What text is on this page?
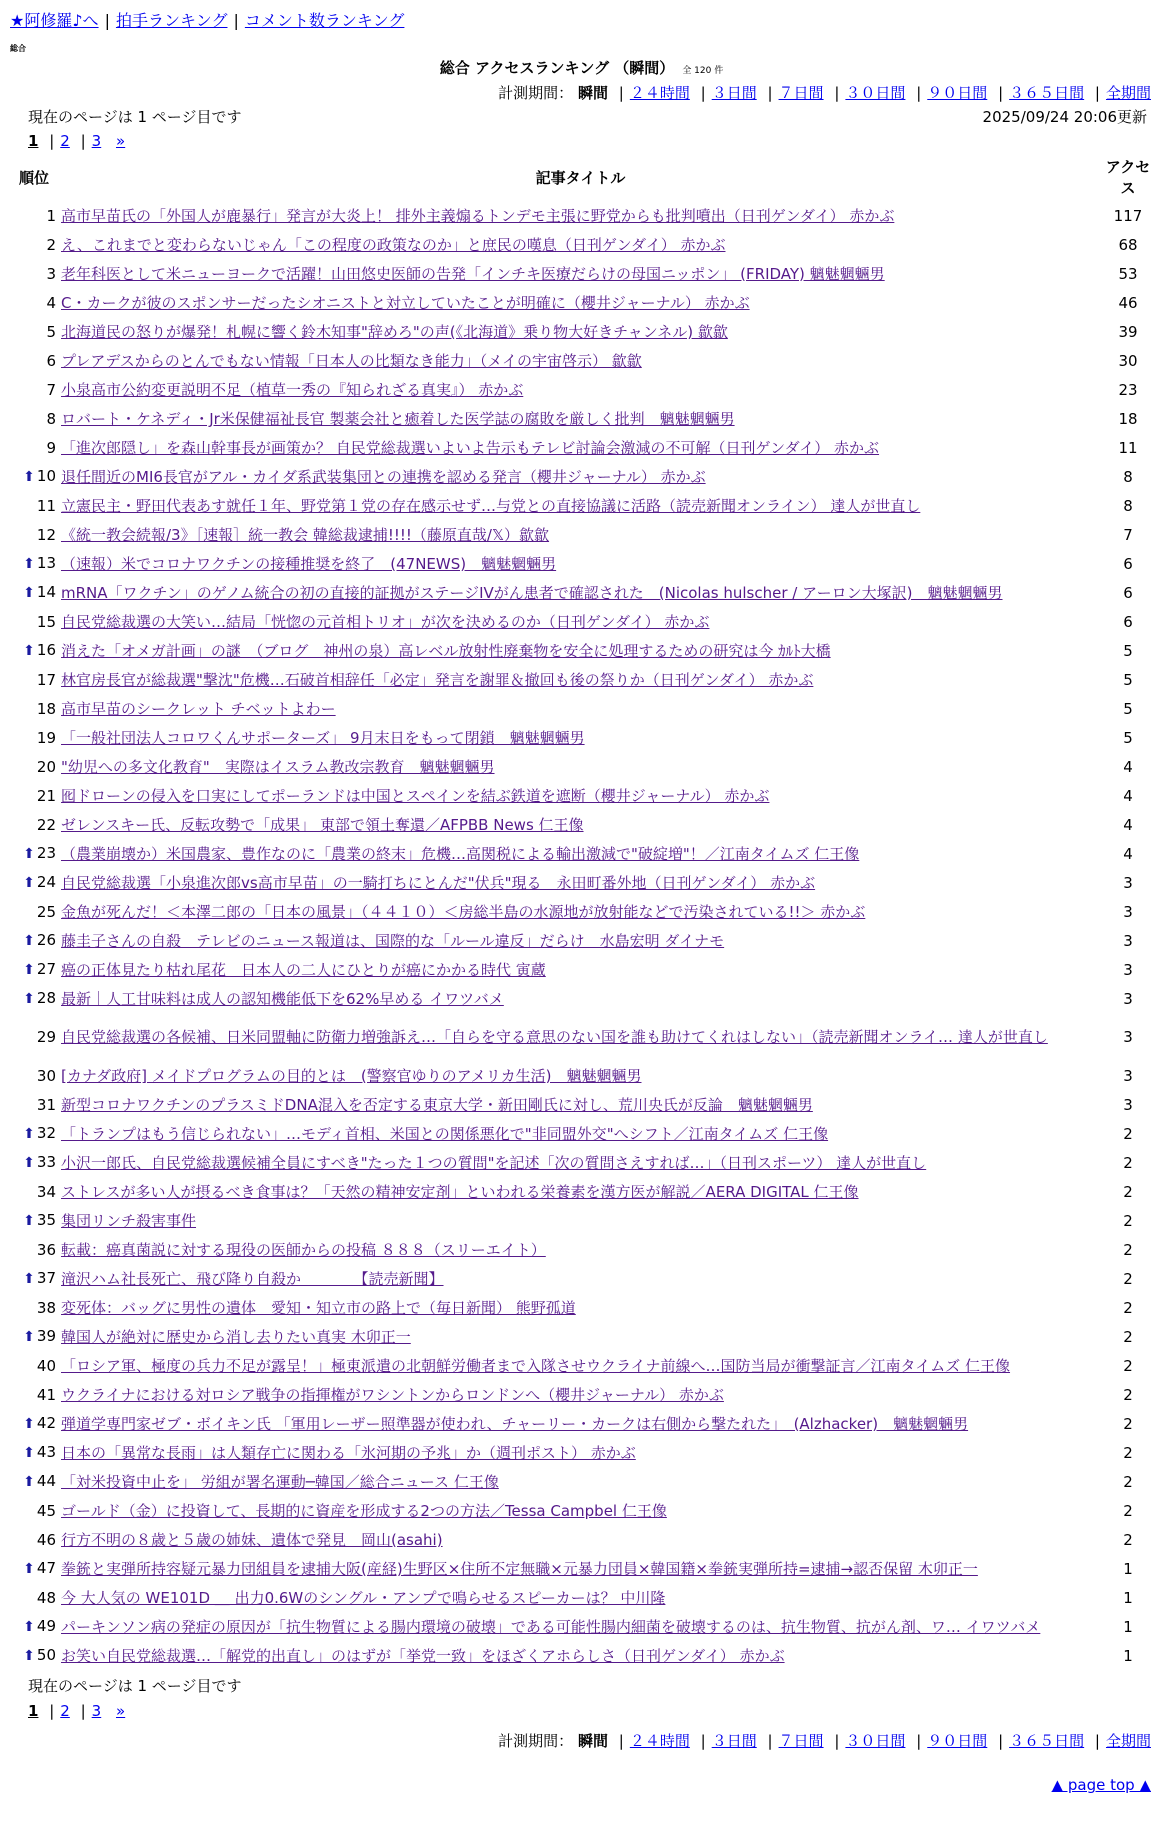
★阿修羅♪へ | 拍手ランキング | コメント数ランキング
総合
総合 アクセスランキング （瞬間） 全 120 件
計測期間： 瞬間 | ２４時間 | ３日間 | ７日間 | ３０日間 | ９０日間 | ３６５日間 | 全期間
現在のページは 1 ページ目です	2025/09/24 20:06更新
1 | 2 | 3 »
順位	記事タイトル	アクセス
1	高市早苗氏の「外国人が鹿暴行」発言が大炎上！ 排外主義煽るトンデモ主張に野党からも批判噴出（日刊ゲンダイ） 赤かぶ	117
2	え、これまでと変わらないじゃん「この程度の政策なのか」と庶民の嘆息（日刊ゲンダイ） 赤かぶ	68
3	老年科医として米ニューヨークで活躍！山田悠史医師の告発「インチキ医療だらけの母国ニッポン」 (FRIDAY) 魑魅魍魎男	53
4	C・カークが彼のスポンサーだったシオニストと対立していたことが明確に（櫻井ジャーナル） 赤かぶ	46
5	北海道民の怒りが爆発！札幌に響く鈴木知事"辞めろ"の声(《北海道》乗り物大好きチャンネル) 歙歙	39
6	プレアデスからのとんでもない情報「日本人の比類なき能力」（メイの宇宙啓示） 歙歙	30
7	小泉高市公約変更説明不足（植草一秀の『知られざる真実』） 赤かぶ	23
8	ロバート・ケネディ・Jr米保健福祉長官 製薬会社と癒着した医学誌の腐敗を厳しく批判　魑魅魍魎男	18
9	「進次郎隠し」を森山幹事長が画策か？ 自民党総裁選いよいよ告示もテレビ討論会激減の不可解（日刊ゲンダイ） 赤かぶ	11
⬆ 10	退任間近のMI6長官がアル・カイダ系武装集団との連携を認める発言（櫻井ジャーナル） 赤かぶ	8
11	立憲民主・野田代表あす就任１年、野党第１党の存在感示せず…与党との直接協議に活路（読売新聞オンライン） 達人が世直し	8
12	《統一教会続報/3》［速報］統一教会 韓総裁逮捕!!!!（藤原直哉/𝕏）歙歙	7
⬆ 13	（速報）米でコロナワクチンの接種推奨を終了　(47NEWS)　魑魅魍魎男	6
⬆ 14	mRNA「ワクチン」のゲノム統合の初の直接的証拠がステージIVがん患者で確認された　(Nicolas hulscher / アーロン大塚訳)　魑魅魍魎男	6
15	自民党総裁選の大笑い…結局「恍惚の元首相トリオ」が次を決めるのか（日刊ゲンダイ） 赤かぶ	6
⬆ 16	消えた「オメガ計画」の謎　（ブログ　神州の泉）高レベル放射性廃棄物を安全に処理するための研究は今 ｶﾙﾄ大橋	5
17	林官房長官が総裁選"撃沈"危機…石破首相辞任「必定」発言を謝罪＆撤回も後の祭りか（日刊ゲンダイ） 赤かぶ	5
18	高市早苗のシークレット チベットよわー	5
19	「一般社団法人コロワくんサポーターズ」 9月末日をもって閉鎖　魑魅魍魎男	5
20	"幼児への多文化教育"　実際はイスラム教改宗教育　魑魅魍魎男	4
21	囮ドローンの侵入を口実にしてポーランドは中国とスペインを結ぶ鉄道を遮断（櫻井ジャーナル） 赤かぶ	4
22	ゼレンスキー氏、反転攻勢で「成果」 東部で領土奪還／AFPBB News 仁王像	4
⬆ 23	（農業崩壊か）米国農家、豊作なのに「農業の終末」危機…高関税による輸出激減で"破綻増"！／江南タイムズ 仁王像	4
⬆ 24	自民党総裁選「小泉進次郎vs高市早苗」の一騎打ちにとんだ"伏兵"現る　永田町番外地（日刊ゲンダイ） 赤かぶ	3
25	金魚が死んだ！＜本澤二郎の「日本の風景」（４４１０）＜房総半島の水源地が放射能などで汚染されている!!＞ 赤かぶ	3
⬆ 26	藤圭子さんの自殺　テレビのニュース報道は、国際的な「ルール違反」だらけ　水島宏明 ダイナモ	3
⬆ 27	癌の正体見たり枯れ尾花　日本人の二人にひとりが癌にかかる時代 寅蔵	3
⬆ 28	最新｜人工甘味料は成人の認知機能低下を62%早める イワツバメ	3
29	自民党総裁選の各候補、日米同盟軸に防衛力増強訴え…「自らを守る意思のない国を誰も助けてくれはしない」（読売新聞オンライ… 達人が世直し	3
30	[カナダ政府] メイドプログラムの目的とは　(警察官ゆりのアメリカ生活)　魑魅魍魎男	3
31	新型コロナワクチンのプラスミドDNA混入を否定する東京大学・新田剛氏に対し、荒川央氏が反論　魑魅魍魎男	3
⬆ 32	「トランプはもう信じられない」…モディ首相、米国との関係悪化で"非同盟外交"へシフト／江南タイムズ 仁王像	2
⬆ 33	小沢一郎氏、自民党総裁選候補全員にすべき"たった１つの質問"を記述「次の質問さえすれば…」（日刊スポーツ） 達人が世直し	2
34	ストレスが多い人が摂るべき食事は？「天然の精神安定剤」といわれる栄養素を漢方医が解説／AERA DIGITAL 仁王像	2
⬆ 35	集団リンチ殺害事件	2
36	転載：癌真菌説に対する現役の医師からの投稿 ８８８（スリーエイト）	2
⬆ 37	滝沢ハム社長死亡、飛び降り自殺か　　　　【読売新聞】	2
38	変死体：バッグに男性の遺体　愛知・知立市の路上で（毎日新聞） 熊野孤道	2
⬆ 39	韓国人が絶対に歴史から消し去りたい真実 木卯正一	2
40	「ロシア軍、極度の兵力不足が露呈！」極東派遣の北朝鮮労働者まで入隊させウクライナ前線へ…国防当局が衝撃証言／江南タイムズ 仁王像	2
41	ウクライナにおける対ロシア戦争の指揮権がワシントンからロンドンへ（櫻井ジャーナル） 赤かぶ	2
⬆ 42	弾道学専門家ゼブ・ボイキン氏 「軍用レーザー照準器が使われ、チャーリー・カークは右側から撃たれた」　(Alzhacker)　魑魅魍魎男	2
⬆ 43	日本の「異常な長雨」は人類存亡に関わる「氷河期の予兆」か（週刊ポスト） 赤かぶ	2
⬆ 44	「対米投資中止を」 労組が署名運動─韓国／総合ニュース 仁王像	2
45	ゴールド（金）に投資して、長期的に資産を形成する2つの方法／Tessa Campbel 仁王像	2
46	行方不明の８歳と５歳の姉妹、遺体で発見　岡山(asahi)	2
⬆ 47	拳銃と実弾所持容疑元暴力団組員を逮捕大阪(産経)生野区×住所不定無職×元暴力団員×韓国籍×拳銃実弾所持=逮捕→認否保留 木卯正一	1
48	今 大人気の WE101D ＿ 出力0.6Wのシングル・アンプで鳴らせるスピーカーは？ 中川隆	1
⬆ 49	パーキンソン病の発症の原因が「抗生物質による腸内環境の破壊」である可能性腸内細菌を破壊するのは、抗生物質、抗がん剤、ワ… イワツバメ	1
⬆ 50	お笑い自民党総裁選…「解党的出直し」のはずが「挙党一致」をほざくアホらしさ（日刊ゲンダイ） 赤かぶ	1
現在のページは 1 ページ目です
1 | 2 | 3 »
計測期間： 瞬間 | ２４時間 | ３日間 | ７日間 | ３０日間 | ９０日間 | ３６５日間 | 全期間
▲ page top ▲
